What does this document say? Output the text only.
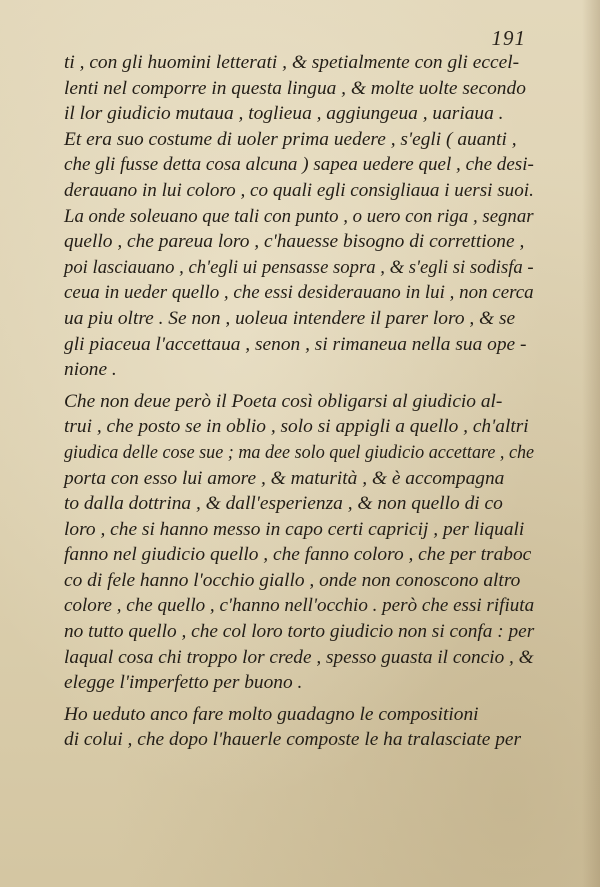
191
ti , con gli huomini letterati , & spetialmente con gli eccel-
lenti nel comporre in questa lingua , & molte uolte secondo
il lor giudicio mutaua , toglieua , aggiungeua , uariaua .
Et era suo costume di uoler prima uedere , s'egli ( auanti ,
che gli fusse detta cosa alcuna ) sapea uedere quel , che desi-
derauano in lui coloro , co quali egli consigliaua i uersi suoi.
La onde soleuano que tali con punto , o uero con riga , segnar
quello , che pareua loro , c'hauesse bisogno di correttione ,
poi lasciauano , ch'egli ui pensasse sopra , & s'egli si sodisfa -
ceua in ueder quello , che essi desiderauano in lui , non cerca
ua piu oltre . Se non , uoleua intendere il parer loro , & se
gli piaceua l'accettaua , senon , si rimaneua nella sua ope -
nione .
Che non deue però il Poeta così obligarsi al giudicio al-
trui , che posto se in oblio , solo si appigli a quello , ch'altri
giudica delle cose sue ; ma dee solo quel giudicio accettare , che
porta con esso lui amore , & maturità , & è accompagna
to dalla dottrina , & dall'esperienza , & non quello di co
loro , che si hanno messo in capo certi capricij , per liquali
fanno nel giudicio quello , che fanno coloro , che per traboc
co di fele hanno l'occhio giallo , onde non conoscono altro
colore , che quello , c'hanno nell'occhio . però che essi rifiuta
no tutto quello , che col loro torto giudicio non si confa : per
laqual cosa chi troppo lor crede , spesso guasta il concio , &
elegge l'imperfetto per buono .
Ho ueduto anco fare molto guadagno le compositioni
di colui , che dopo l'hauerle composte le ha tralasciate per
